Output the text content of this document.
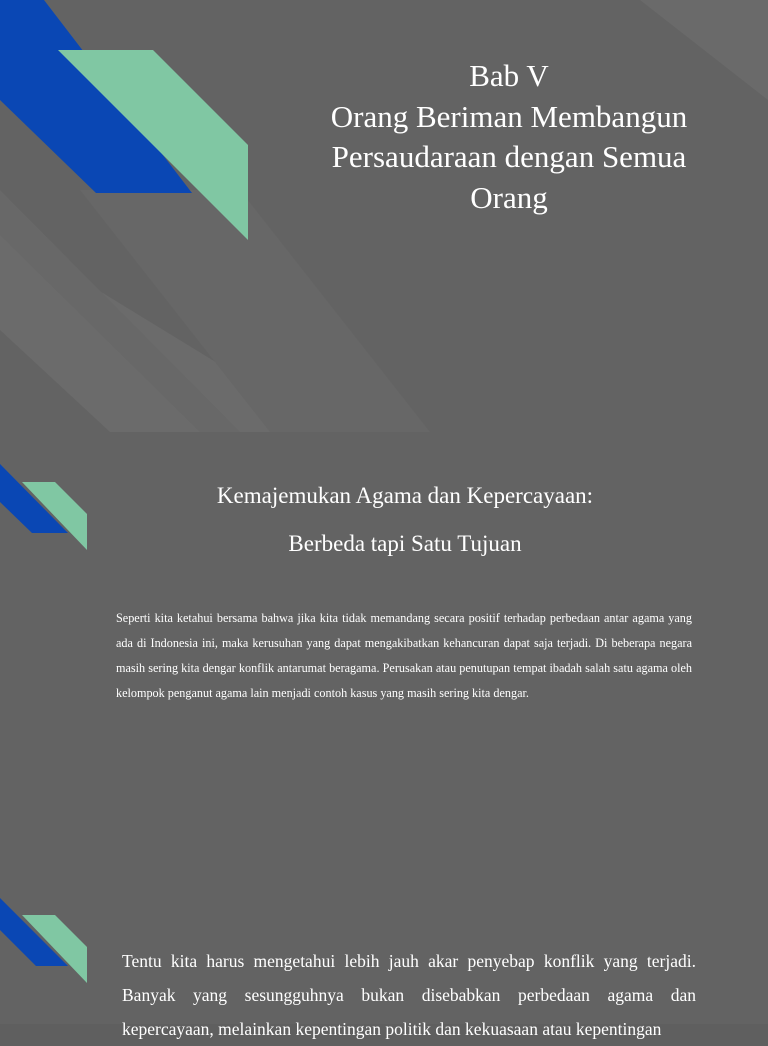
Bab V
Orang Beriman Membangun
Persaudaraan dengan Semua
Orang
Kemajemukan Agama dan Kepercayaan:
Berbeda tapi Satu Tujuan

Seperti kita ketahui bersama bahwa jika kita tidak memandang secara positif terhadap perbedaan antar agama yang ada di Indonesia ini, maka kerusuhan yang dapat mengakibatkan kehancuran dapat saja terjadi. Di beberapa negara masih sering kita dengar konflik antarumat beragama. Perusakan atau penutupan tempat ibadah salah satu agama oleh kelompok penganut agama lain menjadi contoh kasus yang masih sering kita dengar.

Tentu kita harus mengetahui lebih jauh akar penyebap konflik yang terjadi. Banyak yang sesungguhnya bukan disebabkan perbedaan agama dan kepercayaan, melainkan kepentingan politik dan kekuasaan atau kepentingan
